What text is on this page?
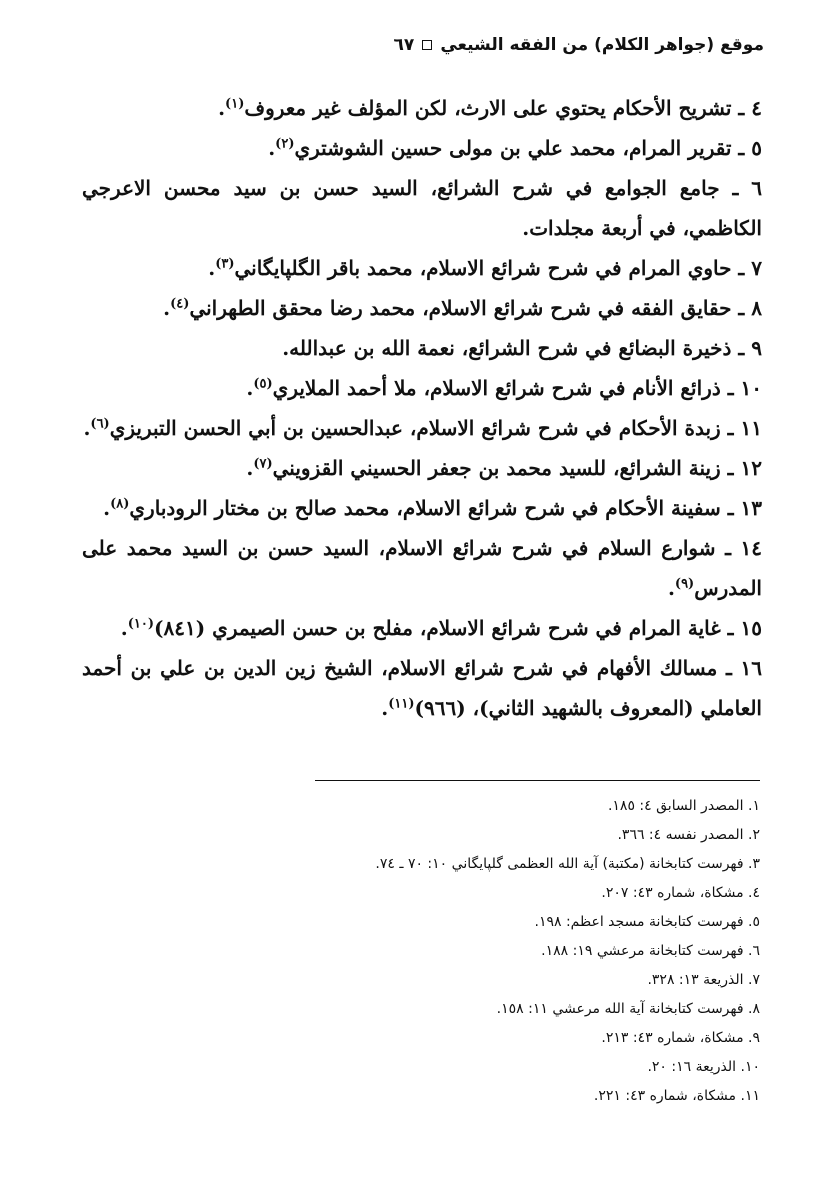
موقع (جواهر الكلام) من الفقه الشيعي
٦٧
٤ ـ تشريح الأحكام يحتوي على الارث، لكن المؤلف غير معروف$^{(١)}$.
٥ ـ تقرير المرام، محمد علي بن مولى حسين الشوشتري$^{(٢)}$.
٦ ـ جامع الجوامع في شرح الشرائع، السيد حسن بن سيد محسن الاعرجي الكاظمي، في أربعة مجلدات.
٧ ـ حاوي المرام في شرح شرائع الاسلام، محمد باقر الگلپايگاني$^{(٣)}$.
٨ ـ حقايق الفقه في شرح شرائع الاسلام، محمد رضا محقق الطهراني$^{(٤)}$.
٩ ـ ذخيرة البضائع في شرح الشرائع، نعمة الله بن عبدالله.
١٠ ـ ذرائع الأنام في شرح شرائع الاسلام، ملا أحمد الملايري$^{(٥)}$.
١١ ـ زبدة الأحكام في شرح شرائع الاسلام، عبدالحسين بن أبي الحسن التبريزي$^{(٦)}$.
١٢ ـ زينة الشرائع، للسيد محمد بن جعفر الحسيني القزويني$^{(٧)}$.
١٣ ـ سفينة الأحكام في شرح شرائع الاسلام، محمد صالح بن مختار الرودباري$^{(٨)}$.
١٤ ـ شوارع السلام في شرح شرائع الاسلام، السيد حسن بن السيد محمد على المدرس$^{(٩)}$.
١٥ ـ غاية المرام في شرح شرائع الاسلام، مفلح بن حسن الصيمري (٨٤١)$^{(١٠)}$.
١٦ ـ مسالك الأفهام في شرح شرائع الاسلام، الشيخ زين الدين بن علي بن أحمد العاملي (المعروف بالشهيد الثاني)، (٩٦٦)$^{(١١)}$.
١. المصدر السابق ٤: ١٨٥.
٢. المصدر نفسه ٤: ٣٦٦.
٣. فهرست كتابخانة (مكتبة) آية الله العظمى گلپايگاني ١٠: ٧٠ ـ ٧٤.
٤. مشكاة، شماره ٤٣: ٢٠٧.
٥. فهرست كتابخانة مسجد اعظم: ١٩٨.
٦. فهرست كتابخانة مرعشي ١٩: ١٨٨.
٧. الذريعة ١٣: ٣٢٨.
٨. فهرست كتابخانة آية الله مرعشي ١١: ١٥٨.
٩. مشكاة، شماره ٤٣: ٢١٣.
١٠. الذريعة ١٦: ٢٠.
١١. مشكاة، شماره ٤٣: ٢٢١.
